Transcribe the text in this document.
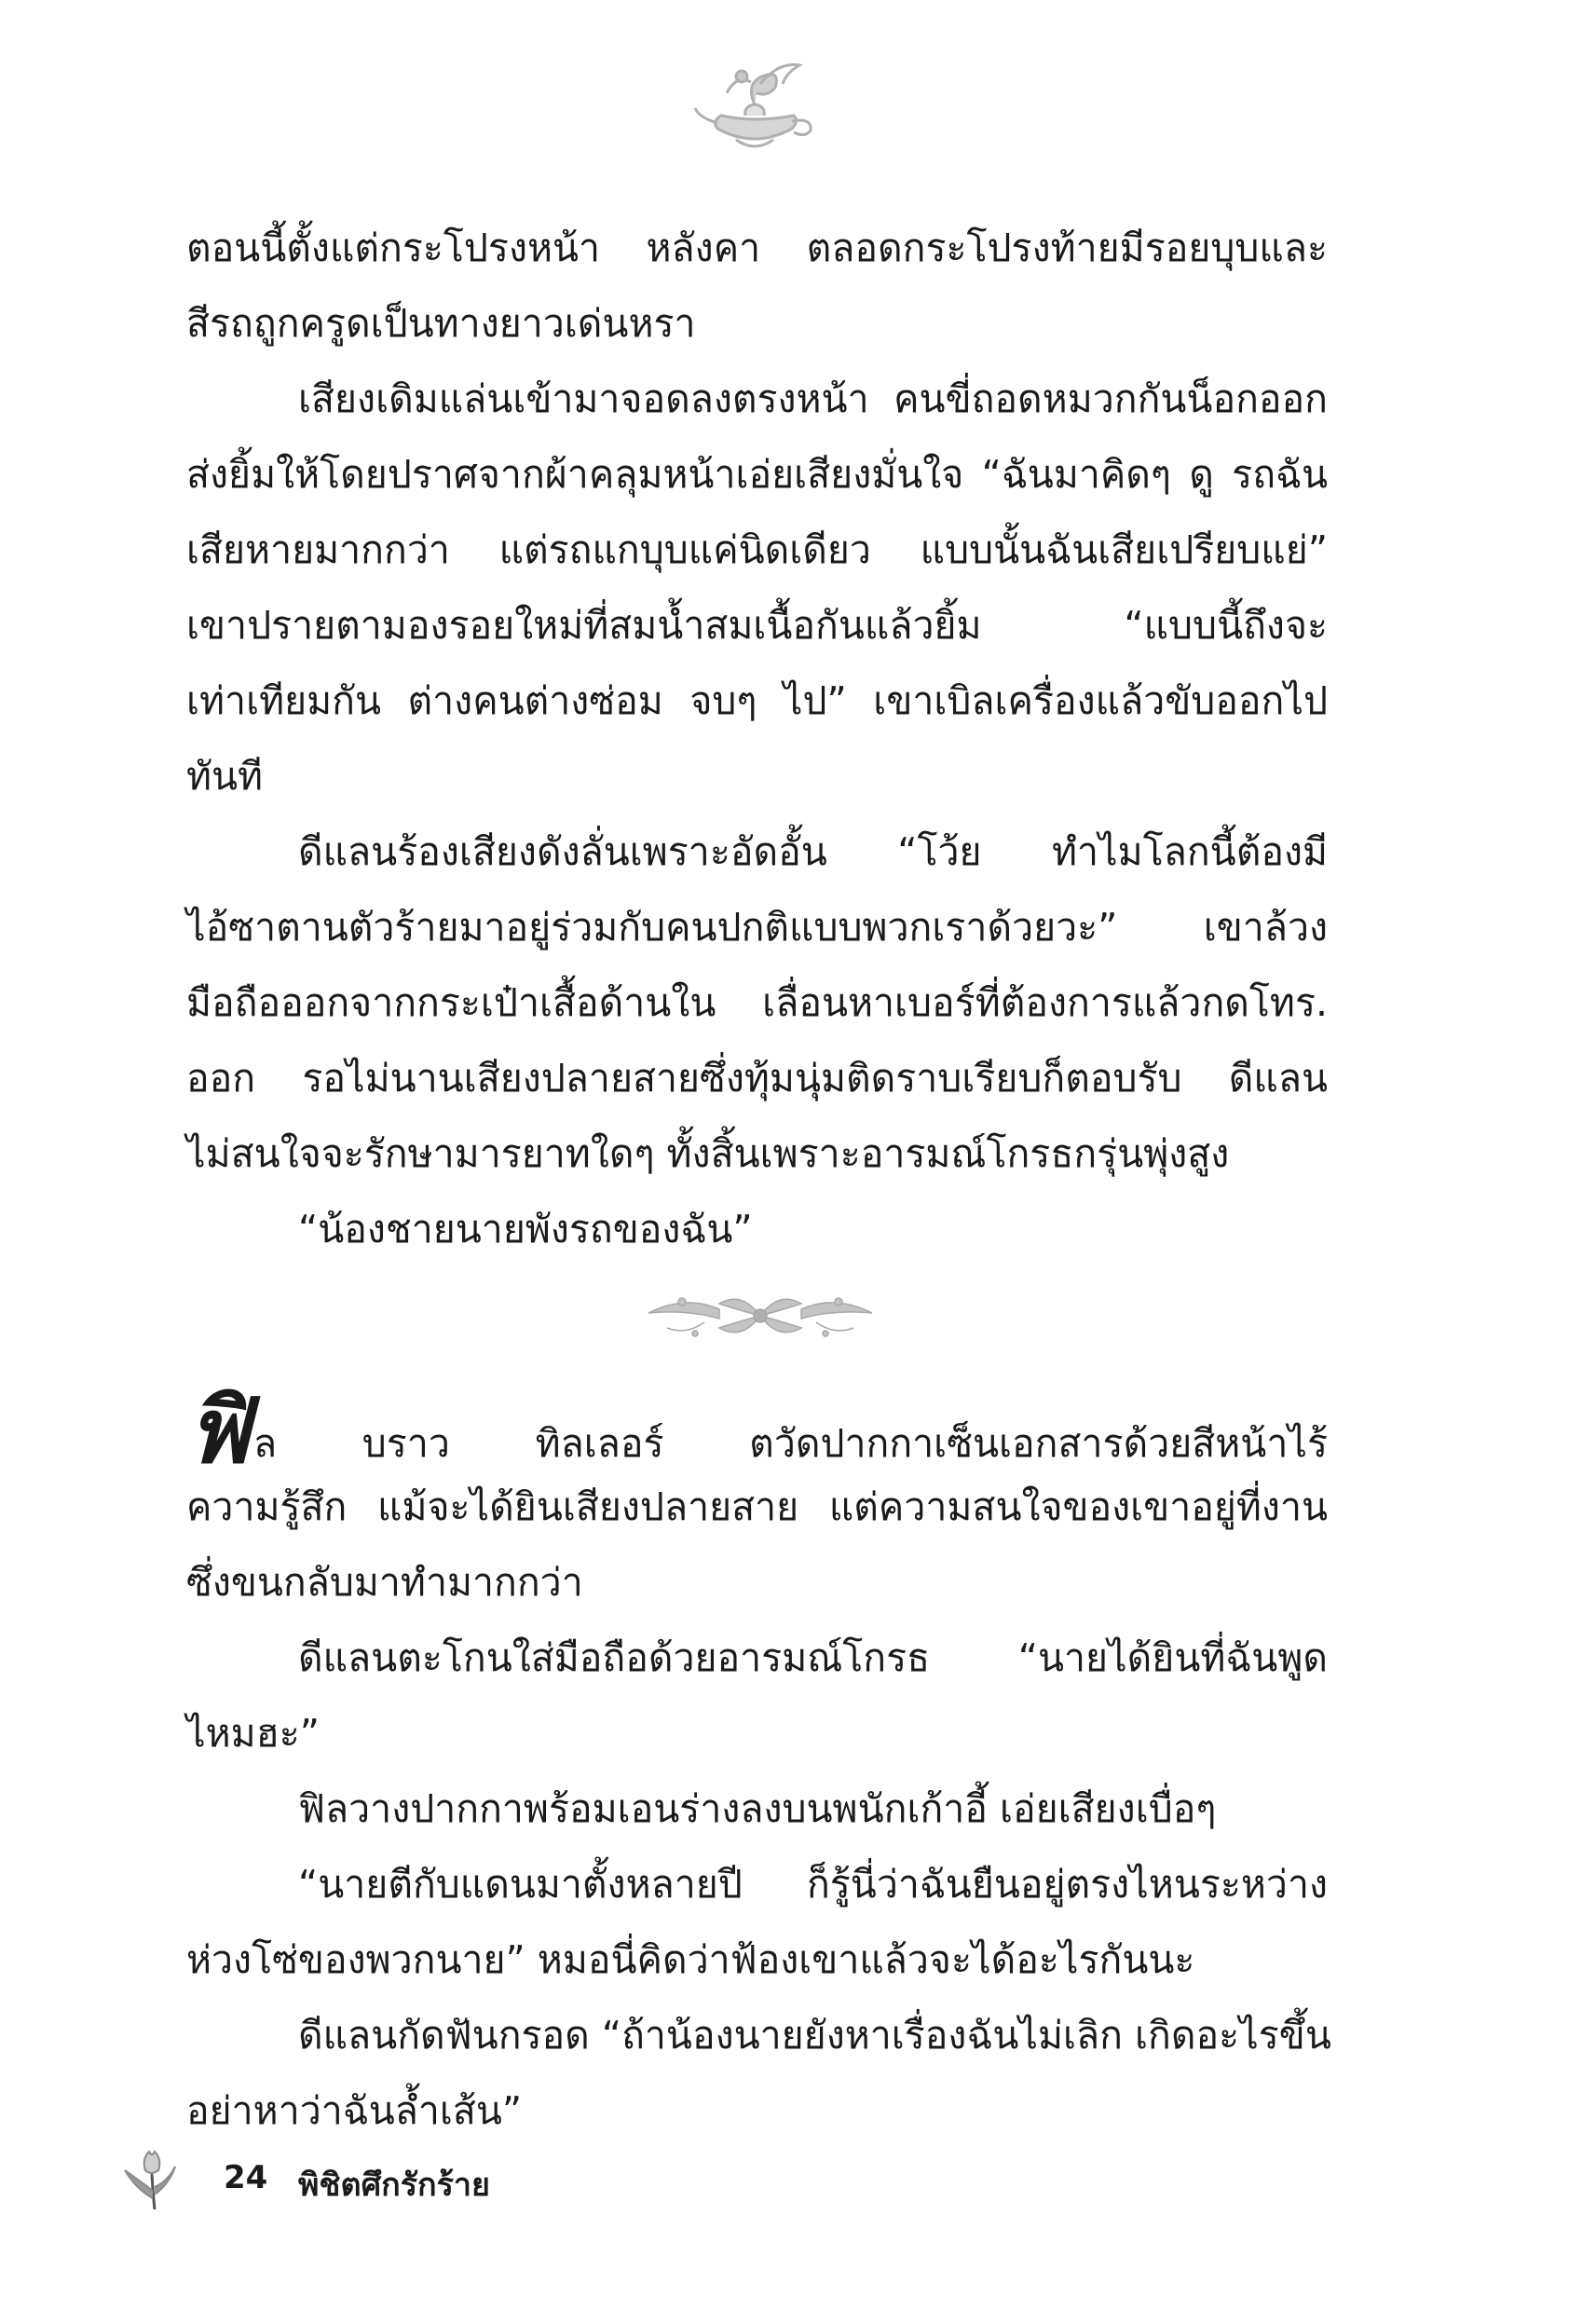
ตอนนี้ตั้งแต่กระโปรงหน้า หลังคา ตลอดกระโปรงท้ายมีรอยบุบและ
สีรถถูกครูดเป็นทางยาวเด่นหรา
เสียงเดิมแล่นเข้ามาจอดลงตรงหน้า คนขี่ถอดหมวกกันน็อกออก
ส่งยิ้มให้โดยปราศจากผ้าคลุมหน้าเอ่ยเสียงมั่นใจ “ฉันมาคิดๆ ดู รถฉัน
เสียหายมากกว่า แต่รถแกบุบแค่นิดเดียว แบบนั้นฉันเสียเปรียบแย่”
เขาปรายตามองรอยใหม่ที่สมน้ำสมเนื้อกันแล้วยิ้ม “แบบนี้ถึงจะ
เท่าเทียมกัน ต่างคนต่างซ่อม จบๆ ไป” เขาเบิลเครื่องแล้วขับออกไป
ทันที
ดีแลนร้องเสียงดังลั่นเพราะอัดอั้น “โว้ย ทำไมโลกนี้ต้องมี
ไอ้ซาตานตัวร้ายมาอยู่ร่วมกับคนปกติแบบพวกเราด้วยวะ” เขาล้วง
มือถือออกจากกระเป๋าเสื้อด้านใน เลื่อนหาเบอร์ที่ต้องการแล้วกดโทร.
ออก รอไม่นานเสียงปลายสายซึ่งทุ้มนุ่มติดราบเรียบก็ตอบรับ ดีแลน
ไม่สนใจจะรักษามารยาทใดๆ ทั้งสิ้นเพราะอารมณ์โกรธกรุ่นพุ่งสูง
“น้องชายนายพังรถของฉัน”
ฟิล บราว ทิลเลอร์ ตวัดปากกาเซ็นเอกสารด้วยสีหน้าไร้
ความรู้สึก แม้จะได้ยินเสียงปลายสาย แต่ความสนใจของเขาอยู่ที่งาน
ซึ่งขนกลับมาทำมากกว่า
ดีแลนตะโกนใส่มือถือด้วยอารมณ์โกรธ “นายได้ยินที่ฉันพูด
ไหมฮะ”
ฟิลวางปากกาพร้อมเอนร่างลงบนพนักเก้าอี้ เอ่ยเสียงเบื่อๆ
“นายตีกับแดนมาตั้งหลายปี ก็รู้นี่ว่าฉันยืนอยู่ตรงไหนระหว่าง
ห่วงโซ่ของพวกนาย” หมอนี่คิดว่าฟ้องเขาแล้วจะได้อะไรกันนะ
ดีแลนกัดฟันกรอด “ถ้าน้องนายยังหาเรื่องฉันไม่เลิก เกิดอะไรขึ้น
อย่าหาว่าฉันล้ำเส้น”
24 พิชิตศึกรักร้าย
